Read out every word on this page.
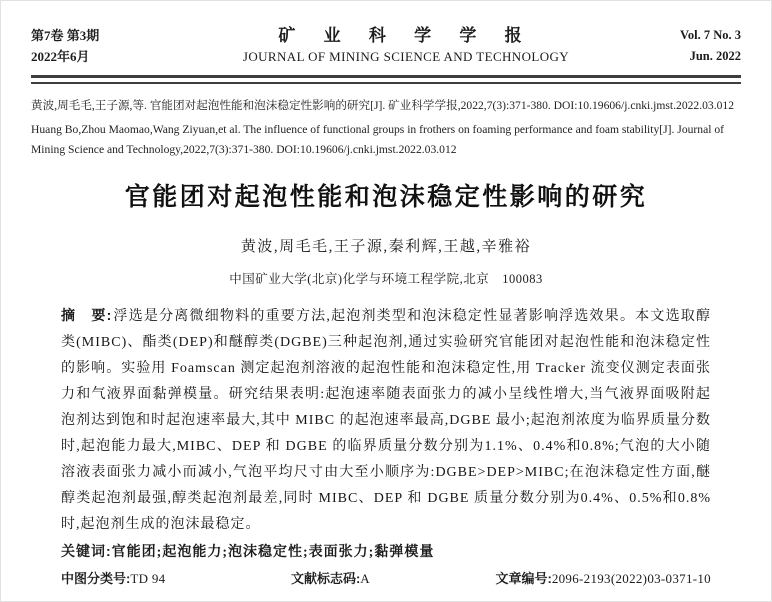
第7卷 第3期
2022年6月
矿 业 科 学 学 报
JOURNAL OF MINING SCIENCE AND TECHNOLOGY
Vol. 7 No. 3
Jun. 2022

黄波,周毛毛,王子源,等. 官能团对起泡性能和泡沫稳定性影响的研究[J]. 矿业科学学报,2022,7(3):371-380. DOI:10.19606/j.cnki.jmst.2022.03.012

Huang Bo,Zhou Maomao,Wang Ziyuan,et al. The influence of functional groups in frothers on foaming performance and foam stability[J]. Journal of Mining Science and Technology,2022,7(3):371-380. DOI:10.19606/j.cnki.jmst.2022.03.012

官能团对起泡性能和泡沫稳定性影响的研究
黄波,周毛毛,王子源,秦利辉,王越,辛雅裕
中国矿业大学(北京)化学与环境工程学院,北京　100083
摘　要:浮选是分离微细物料的重要方法,起泡剂类型和泡沫稳定性显著影响浮选效果。本文选取醇类(MIBC)、酯类(DEP)和醚醇类(DGBE)三种起泡剂,通过实验研究官能团对起泡性能和泡沫稳定性的影响。实验用 Foamscan 测定起泡剂溶液的起泡性能和泡沫稳定性,用 Tracker 流变仪测定表面张力和气液界面黏弹模量。研究结果表明:起泡速率随表面张力的减小呈线性增大,当气液界面吸附起泡剂达到饱和时起泡速率最大,其中 MIBC 的起泡速率最高,DGBE 最小;起泡剂浓度为临界质量分数时,起泡能力最大,MIBC、DEP 和 DGBE 的临界质量分数分别为1.1%、0.4%和0.8%;气泡的大小随溶液表面张力减小而减小,气泡平均尺寸由大至小顺序为:DGBE>DEP>MIBC;在泡沫稳定性方面,醚醇类起泡剂最强,醇类起泡剂最差,同时 MIBC、DEP 和 DGBE 质量分数分别为0.4%、0.5%和0.8%时,起泡剂生成的泡沫最稳定。
关键词:官能团;起泡能力;泡沫稳定性;表面张力;黏弹模量
中图分类号:TD 94	文献标志码:A	文章编号:2096-2193(2022)03-0371-10
